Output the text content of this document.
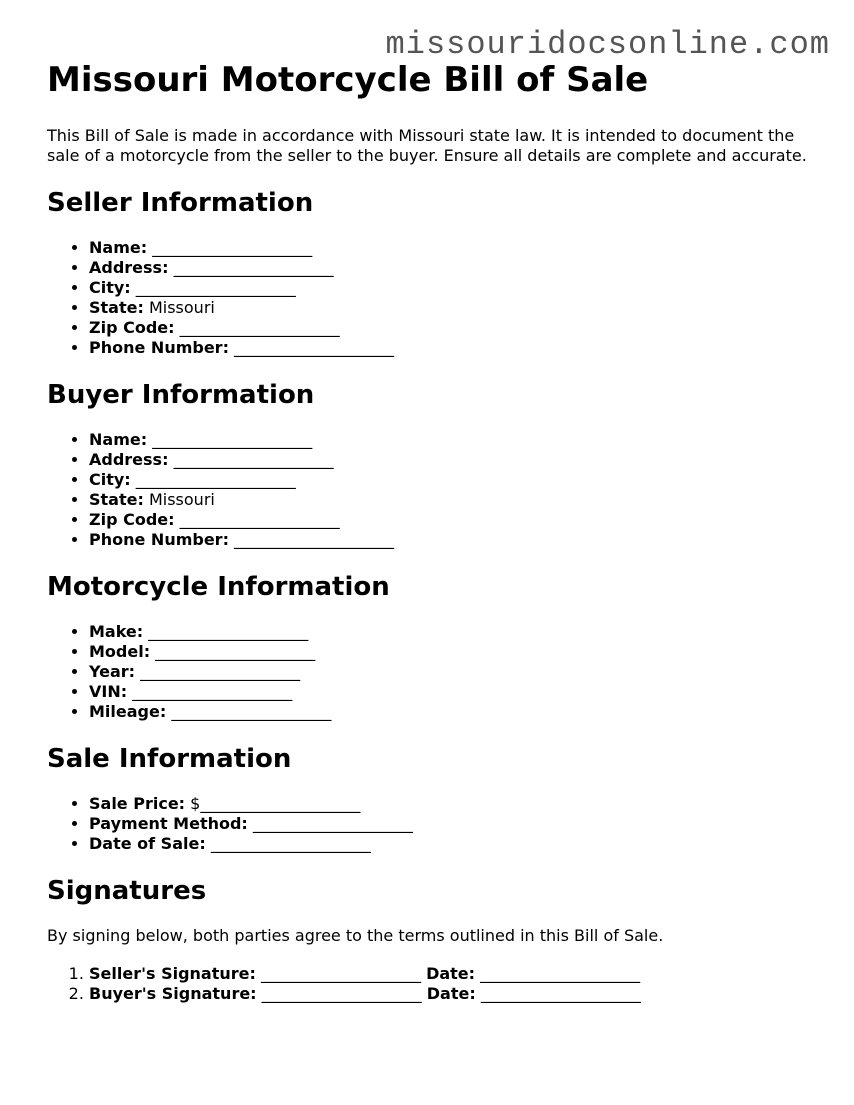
missouridocsonline.com
Missouri Motorcycle Bill of Sale

This Bill of Sale is made in accordance with Missouri state law. It is intended to document the sale of a motorcycle from the seller to the buyer. Ensure all details are complete and accurate.

Seller Information
• Name: ____________________
• Address: ____________________
• City: ____________________
• State: Missouri
• Zip Code: ____________________
• Phone Number: ____________________
Buyer Information
• Name: ____________________
• Address: ____________________
• City: ____________________
• State: Missouri
• Zip Code: ____________________
• Phone Number: ____________________
Motorcycle Information
• Make: ____________________
• Model: ____________________
• Year: ____________________
• VIN: ____________________
• Mileage: ____________________
Sale Information
• Sale Price: $____________________
• Payment Method: ____________________
• Date of Sale: ____________________
Signatures

By signing below, both parties agree to the terms outlined in this Bill of Sale.

1. Seller's Signature: ____________________ Date: ____________________
2. Buyer's Signature: ____________________ Date: ____________________
